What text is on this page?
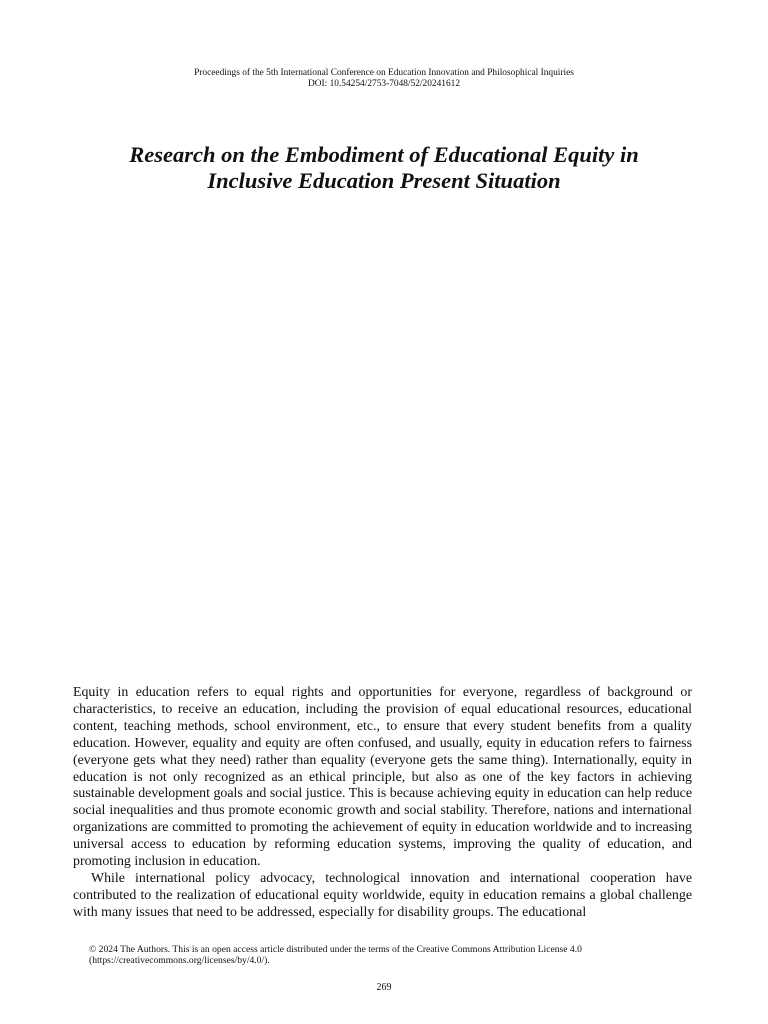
Proceedings of the 5th International Conference on Education Innovation and Philosophical Inquiries
DOI: 10.54254/2753-7048/52/20241612
Research on the Embodiment of Educational Equity in
Inclusive Education Present Situation

Equity in education refers to equal rights and opportunities for everyone, regardless of background or characteristics, to receive an education, including the provision of equal educational resources, educational content, teaching methods, school environment, etc., to ensure that every student benefits from a quality education. However, equality and equity are often confused, and usually, equity in education refers to fairness (everyone gets what they need) rather than equality (everyone gets the same thing). Internationally, equity in education is not only recognized as an ethical principle, but also as one of the key factors in achieving sustainable development goals and social justice. This is because achieving equity in education can help reduce social inequalities and thus promote economic growth and social stability. Therefore, nations and international organizations are committed to promoting the achievement of equity in education worldwide and to increasing universal access to education by reforming education systems, improving the quality of education, and promoting inclusion in education.

While international policy advocacy, technological innovation and international cooperation have contributed to the realization of educational equity worldwide, equity in education remains a global challenge with many issues that need to be addressed, especially for disability groups. The educational

© 2024 The Authors. This is an open access article distributed under the terms of the Creative Commons Attribution License 4.0
(https://creativecommons.org/licenses/by/4.0/).
269
